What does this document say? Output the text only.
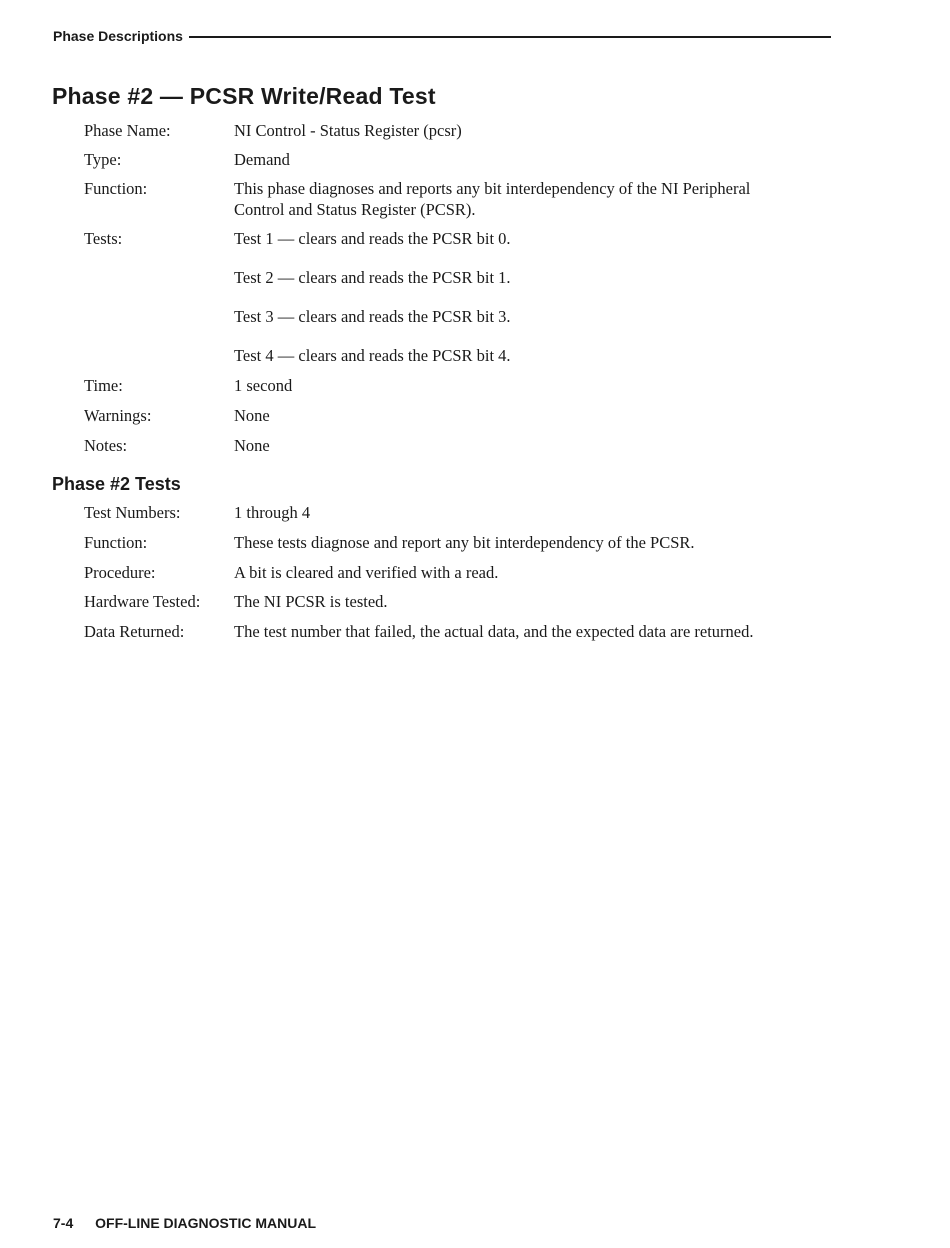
Phase Descriptions
Phase #2 — PCSR Write/Read Test
Phase Name:	NI Control - Status Register (pcsr)
Type:	Demand
Function:	This phase diagnoses and reports any bit interdependency of the NI Peripheral
Control and Status Register (PCSR).
Tests:	Test 1 — clears and reads the PCSR bit 0.
Test 2 — clears and reads the PCSR bit 1.
Test 3 — clears and reads the PCSR bit 3.
Test 4 — clears and reads the PCSR bit 4.
Time:	1 second
Warnings:	None
Notes:	None
Phase #2 Tests
Test Numbers:	1 through 4
Function:	These tests diagnose and report any bit interdependency of the PCSR.
Procedure:	A bit is cleared and verified with a read.
Hardware Tested:	The NI PCSR is tested.
Data Returned:	The test number that failed, the actual data, and the expected data are returned.
7-4 OFF-LINE DIAGNOSTIC MANUAL
